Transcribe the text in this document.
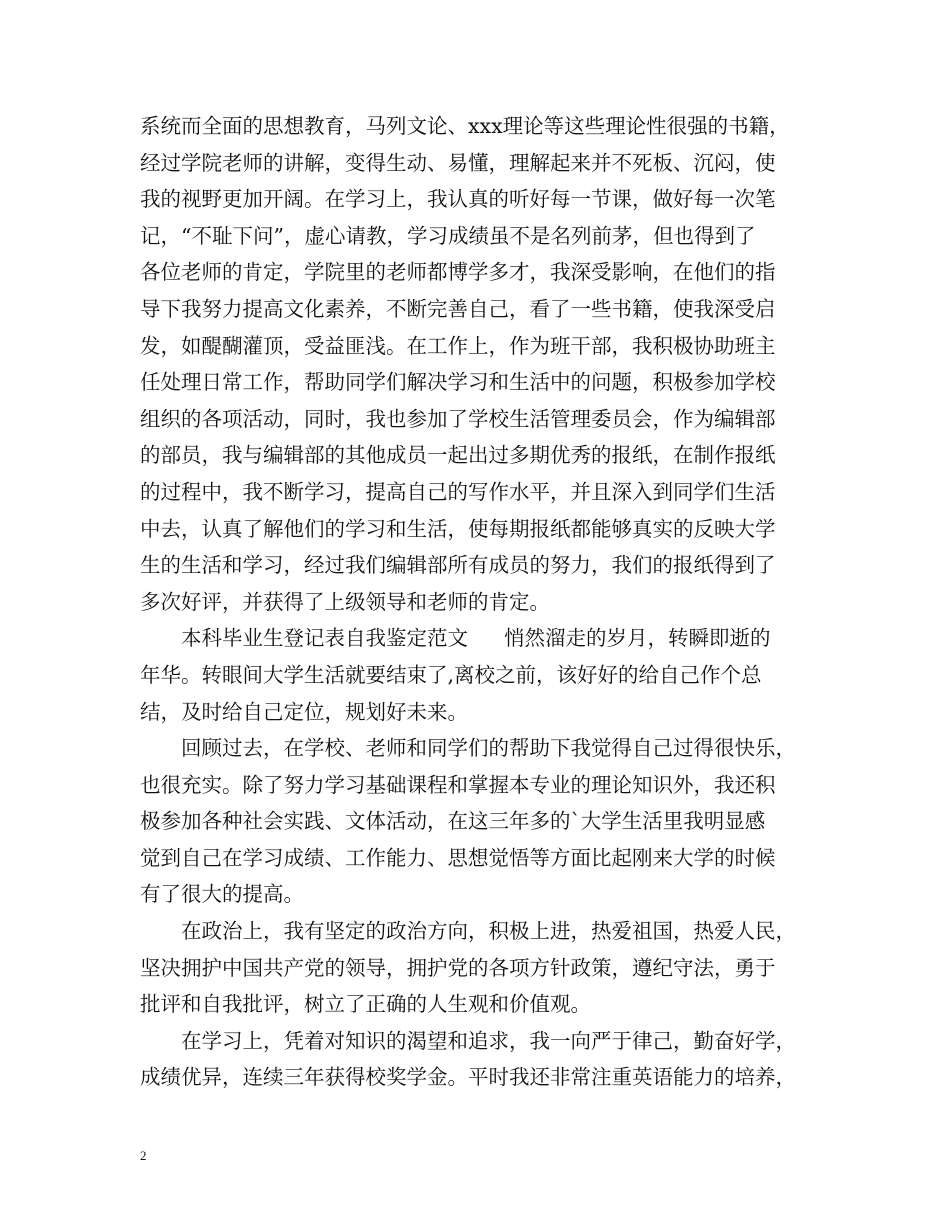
系统而全面的思想教育，马列文论、xxx理论等这些理论性很强的书籍，
经过学院老师的讲解，变得生动、易懂，理解起来并不死板、沉闷，使
我的视野更加开阔。在学习上，我认真的听好每一节课，做好每一次笔
记，“不耻下问”，虚心请教，学习成绩虽不是名列前茅，但也得到了
各位老师的肯定，学院里的老师都博学多才，我深受影响，在他们的指
导下我努力提高文化素养，不断完善自己，看了一些书籍，使我深受启
发，如醍醐灌顶，受益匪浅。在工作上，作为班干部，我积极协助班主
任处理日常工作，帮助同学们解决学习和生活中的问题，积极参加学校
组织的各项活动，同时，我也参加了学校生活管理委员会，作为编辑部
的部员，我与编辑部的其他成员一起出过多期优秀的报纸，在制作报纸
的过程中，我不断学习，提高自己的写作水平，并且深入到同学们生活
中去，认真了解他们的学习和生活，使每期报纸都能够真实的反映大学
生的生活和学习，经过我们编辑部所有成员的努力，我们的报纸得到了
多次好评，并获得了上级领导和老师的肯定。
本科毕业生登记表自我鉴定范文 悄然溜走的岁月，转瞬即逝的
年华。转眼间大学生活就要结束了,离校之前，该好好的给自己作个总
结，及时给自己定位，规划好未来。
回顾过去，在学校、老师和同学们的帮助下我觉得自己过得很快乐，
也很充实。除了努力学习基础课程和掌握本专业的理论知识外，我还积
极参加各种社会实践、文体活动，在这三年多的`大学生活里我明显感
觉到自己在学习成绩、工作能力、思想觉悟等方面比起刚来大学的时候
有了很大的提高。
在政治上，我有坚定的政治方向，积极上进，热爱祖国，热爱人民，
坚决拥护中国共产党的领导，拥护党的各项方针政策，遵纪守法，勇于
批评和自我批评，树立了正确的人生观和价值观。
在学习上，凭着对知识的渴望和追求，我一向严于律己，勤奋好学，
成绩优异，连续三年获得校奖学金。平时我还非常注重英语能力的培养，
2
